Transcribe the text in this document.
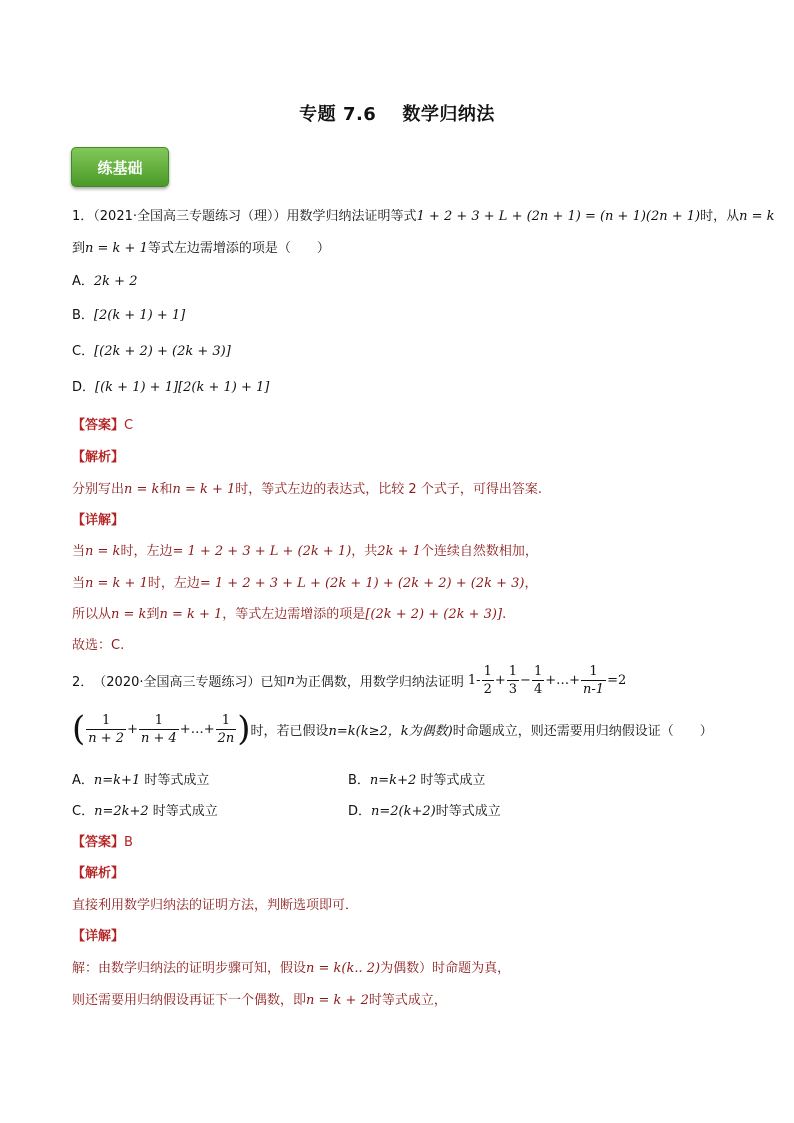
专题 7.6 数学归纳法
练基础
1．（2021·全国高三专题练习（理））用数学归纳法证明等式1 + 2 + 3 + L + (2n + 1) = (n + 1)(2n + 1)时，从n = k
到n = k + 1等式左边需增添的项是（　　）
A．2k + 2
B．[2(k + 1) + 1]
C．[(2k + 2) + (2k + 3)]
D．[(k + 1) + 1][2(k + 1) + 1]
【答案】C
【解析】
分别写出n = k和n = k + 1时，等式左边的表达式，比较 2 个式子，可得出答案.
【详解】
当n = k时，左边= 1 + 2 + 3 + L + (2k + 1)，共2k + 1个连续自然数相加，
当n = k + 1时，左边= 1 + 2 + 3 + L + (2k + 1) + (2k + 2) + (2k + 3)，
所以从n = k到n = k + 1，等式左边需增添的项是[(2k + 2) + (2k + 3)].
故选：C.
2． （2020·全国高三专题练习） 已知 n 为正偶数，用数学归纳法证明 $1- \frac{1}{2} + \frac{1}{3} - \frac{1}{4}$ +…+ $\frac{1}{n-1} =2$
( $\frac{1}{n + 2} + \frac{1}{n + 4}$ +…+ $\frac{1}{2n}$ ) 时，若已假设 n=k(k≥2，k为偶数) 时命题成立，则还需要用归纳假设证（　　）
A．n=k+1 时等式成立	B．n=k+2 时等式成立
C．n=2k+2 时等式成立	D．n=2(k+2)时等式成立
【答案】B
【解析】
直接利用数学归纳法的证明方法，判断选项即可．
【详解】
解：由数学归纳法的证明步骤可知，假设n = k(k.. 2)为偶数）时命题为真，
则还需要用归纳假设再证下一个偶数，即n = k + 2时等式成立，
